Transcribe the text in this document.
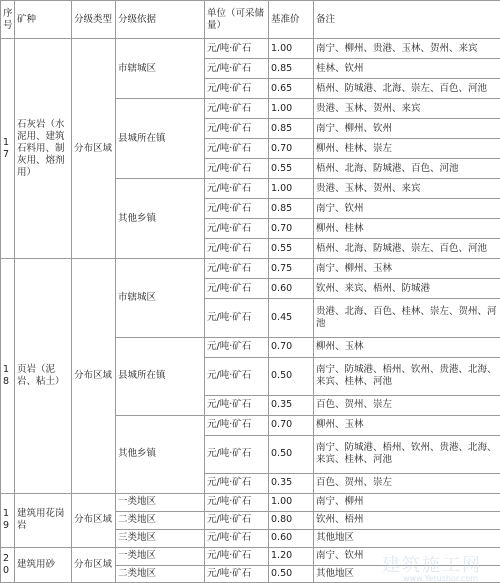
序号	矿种	分级类型	分级依据	单位（可采储量）	基准价	备注
17	石灰岩（水泥用、建筑石料用、制灰用、熔剂用）	分布区域	市辖城区	元/吨·矿石	1.00	南宁、柳州、贵港、玉林、贺州、来宾
				元/吨·矿石	0.85	桂林、钦州
				元/吨·矿石	0.65	梧州、防城港、北海、崇左、百色、河池
			县城所在镇	元/吨·矿石	1.00	贵港、玉林、贺州、来宾
				元/吨·矿石	0.85	南宁、柳州、钦州
				元/吨·矿石	0.70	柳州、桂林、崇左
				元/吨·矿石	0.55	梧州、北海、防城港、百色、河池
			其他乡镇	元/吨·矿石	1.00	贵港、玉林、贺州、来宾
				元/吨·矿石	0.85	南宁、钦州
				元/吨·矿石	0.70	柳州、桂林
				元/吨·矿石	0.55	梧州、北海、防城港、崇左、百色、河池
18	页岩（泥岩、粘土）	分布区域	市辖城区	元/吨·矿石	0.75	南宁、柳州、玉林
				元/吨·矿石	0.60	钦州、来宾、梧州、防城港
				元/吨·矿石	0.45	贵港、北海、百色、桂林、崇左、贺州、河池
			县城所在镇	元/吨·矿石	0.70	柳州、玉林
				元/吨·矿石	0.50	南宁、防城港、梧州、钦州、贵港、北海、来宾、桂林、河池
				元/吨·矿石	0.35	百色、贺州、崇左
			其他乡镇	元/吨·矿石	0.70	柳州、玉林
				元/吨·矿石	0.50	南宁、防城港、梧州、钦州、贵港、北海、来宾、桂林、河池
				元/吨·矿石	0.35	百色、贺州、崇左
19	建筑用花岗岩	分布区域	一类地区	元/吨·矿石	1.00	南宁、柳州
			二类地区	元/吨·矿石	0.80	钦州、梧州
			三类地区	元/吨·矿石	0.60	其他地区
20	建筑用砂	分布区域	一类地区	元/吨·矿石	1.20	南宁、钦州
			二类地区	元/吨·矿石	0.50	其他地区 建筑施工网
www.Yerushor.com
